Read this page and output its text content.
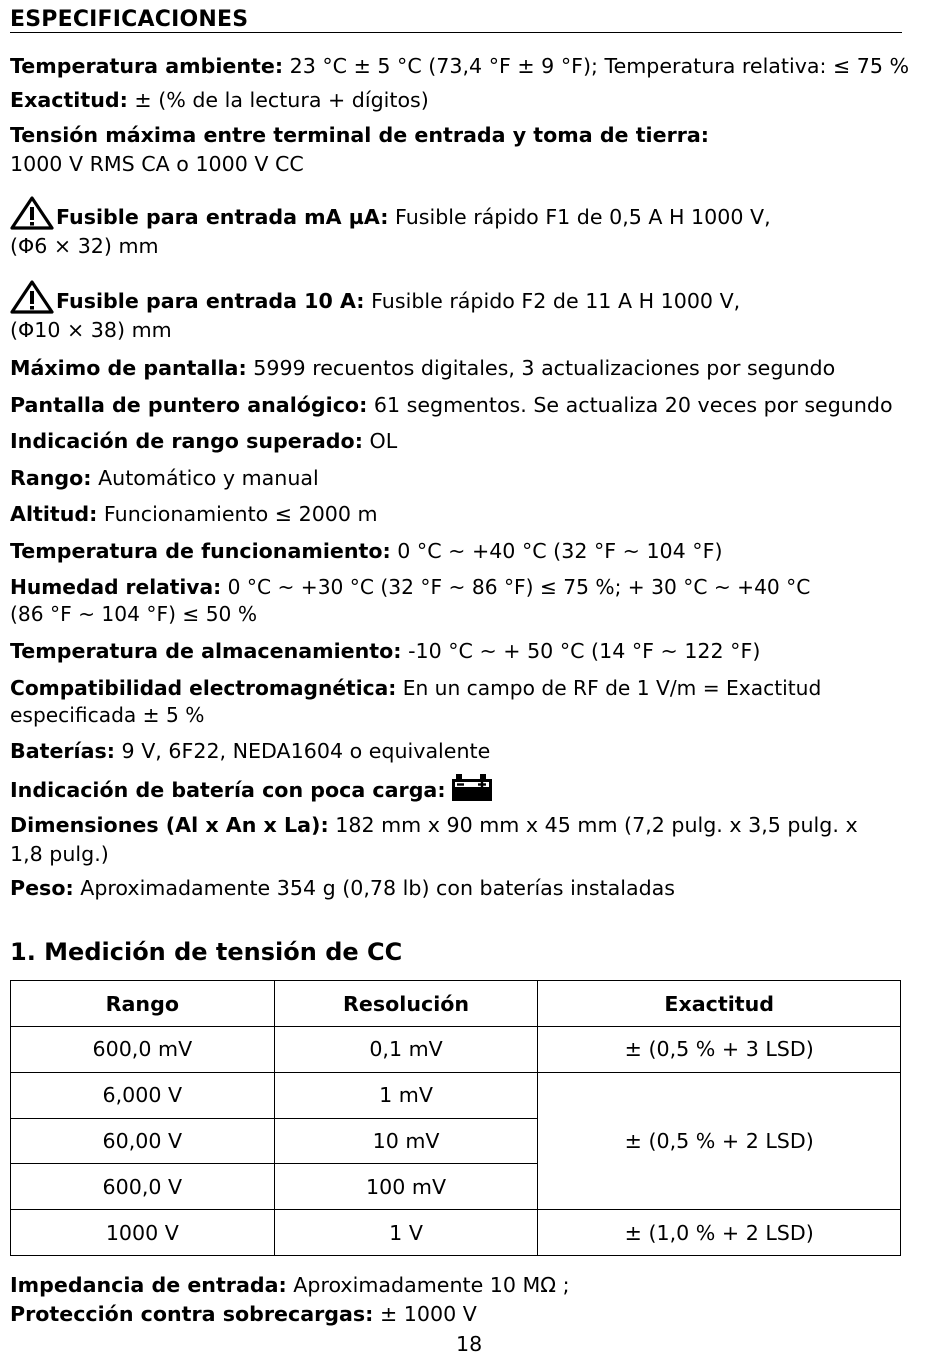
ESPECIFICACIONES
Temperatura ambiente: 23 °C ± 5 °C (73,4 °F ± 9 °F); Temperatura relativa: ≤ 75 %
Exactitud: ± (% de la lectura + dígitos)
Tensión máxima entre terminal de entrada y toma de tierra:
1000 V RMS CA o 1000 V CC
Fusible para entrada mA µA: Fusible rápido F1 de 0,5 A H 1000 V,
(Φ6 × 32) mm
Fusible para entrada 10 A: Fusible rápido F2 de 11 A H 1000 V,
(Φ10 × 38) mm
Máximo de pantalla: 5999 recuentos digitales, 3 actualizaciones por segundo
Pantalla de puntero analógico: 61 segmentos. Se actualiza 20 veces por segundo
Indicación de rango superado: OL
Rango: Automático y manual
Altitud: Funcionamiento ≤ 2000 m
Temperatura de funcionamiento: 0 °C ~ +40 °C (32 °F ~ 104 °F)
Humedad relativa: 0 °C ~ +30 °C (32 °F ~ 86 °F) ≤ 75 %; + 30 °C ~ +40 °C
(86 °F ~ 104 °F) ≤ 50 %
Temperatura de almacenamiento: -10 °C ~ + 50 °C (14 °F ~ 122 °F)
Compatibilidad electromagnética: En un campo de RF de 1 V/m = Exactitud
especificada ± 5 %
Baterías: 9 V, 6F22, NEDA1604 o equivalente
Indicación de batería con poca carga:
Dimensiones (Al x An x La): 182 mm x 90 mm x 45 mm (7,2 pulg. x 3,5 pulg. x
1,8 pulg.)
Peso: Aproximadamente 354 g (0,78 lb) con baterías instaladas
1. Medición de tensión de CC
Rango	Resolución	Exactitud
600,0 mV	0,1 mV	± (0,5 % + 3 LSD)
6,000 V	1 mV	± (0,5 % + 2 LSD)
60,00 V	10 mV	
600,0 V	100 mV	
1000 V	1 V	± (1,0 % + 2 LSD)
Impedancia de entrada: Aproximadamente 10 MΩ ;
Protección contra sobrecargas: ± 1000 V
18
